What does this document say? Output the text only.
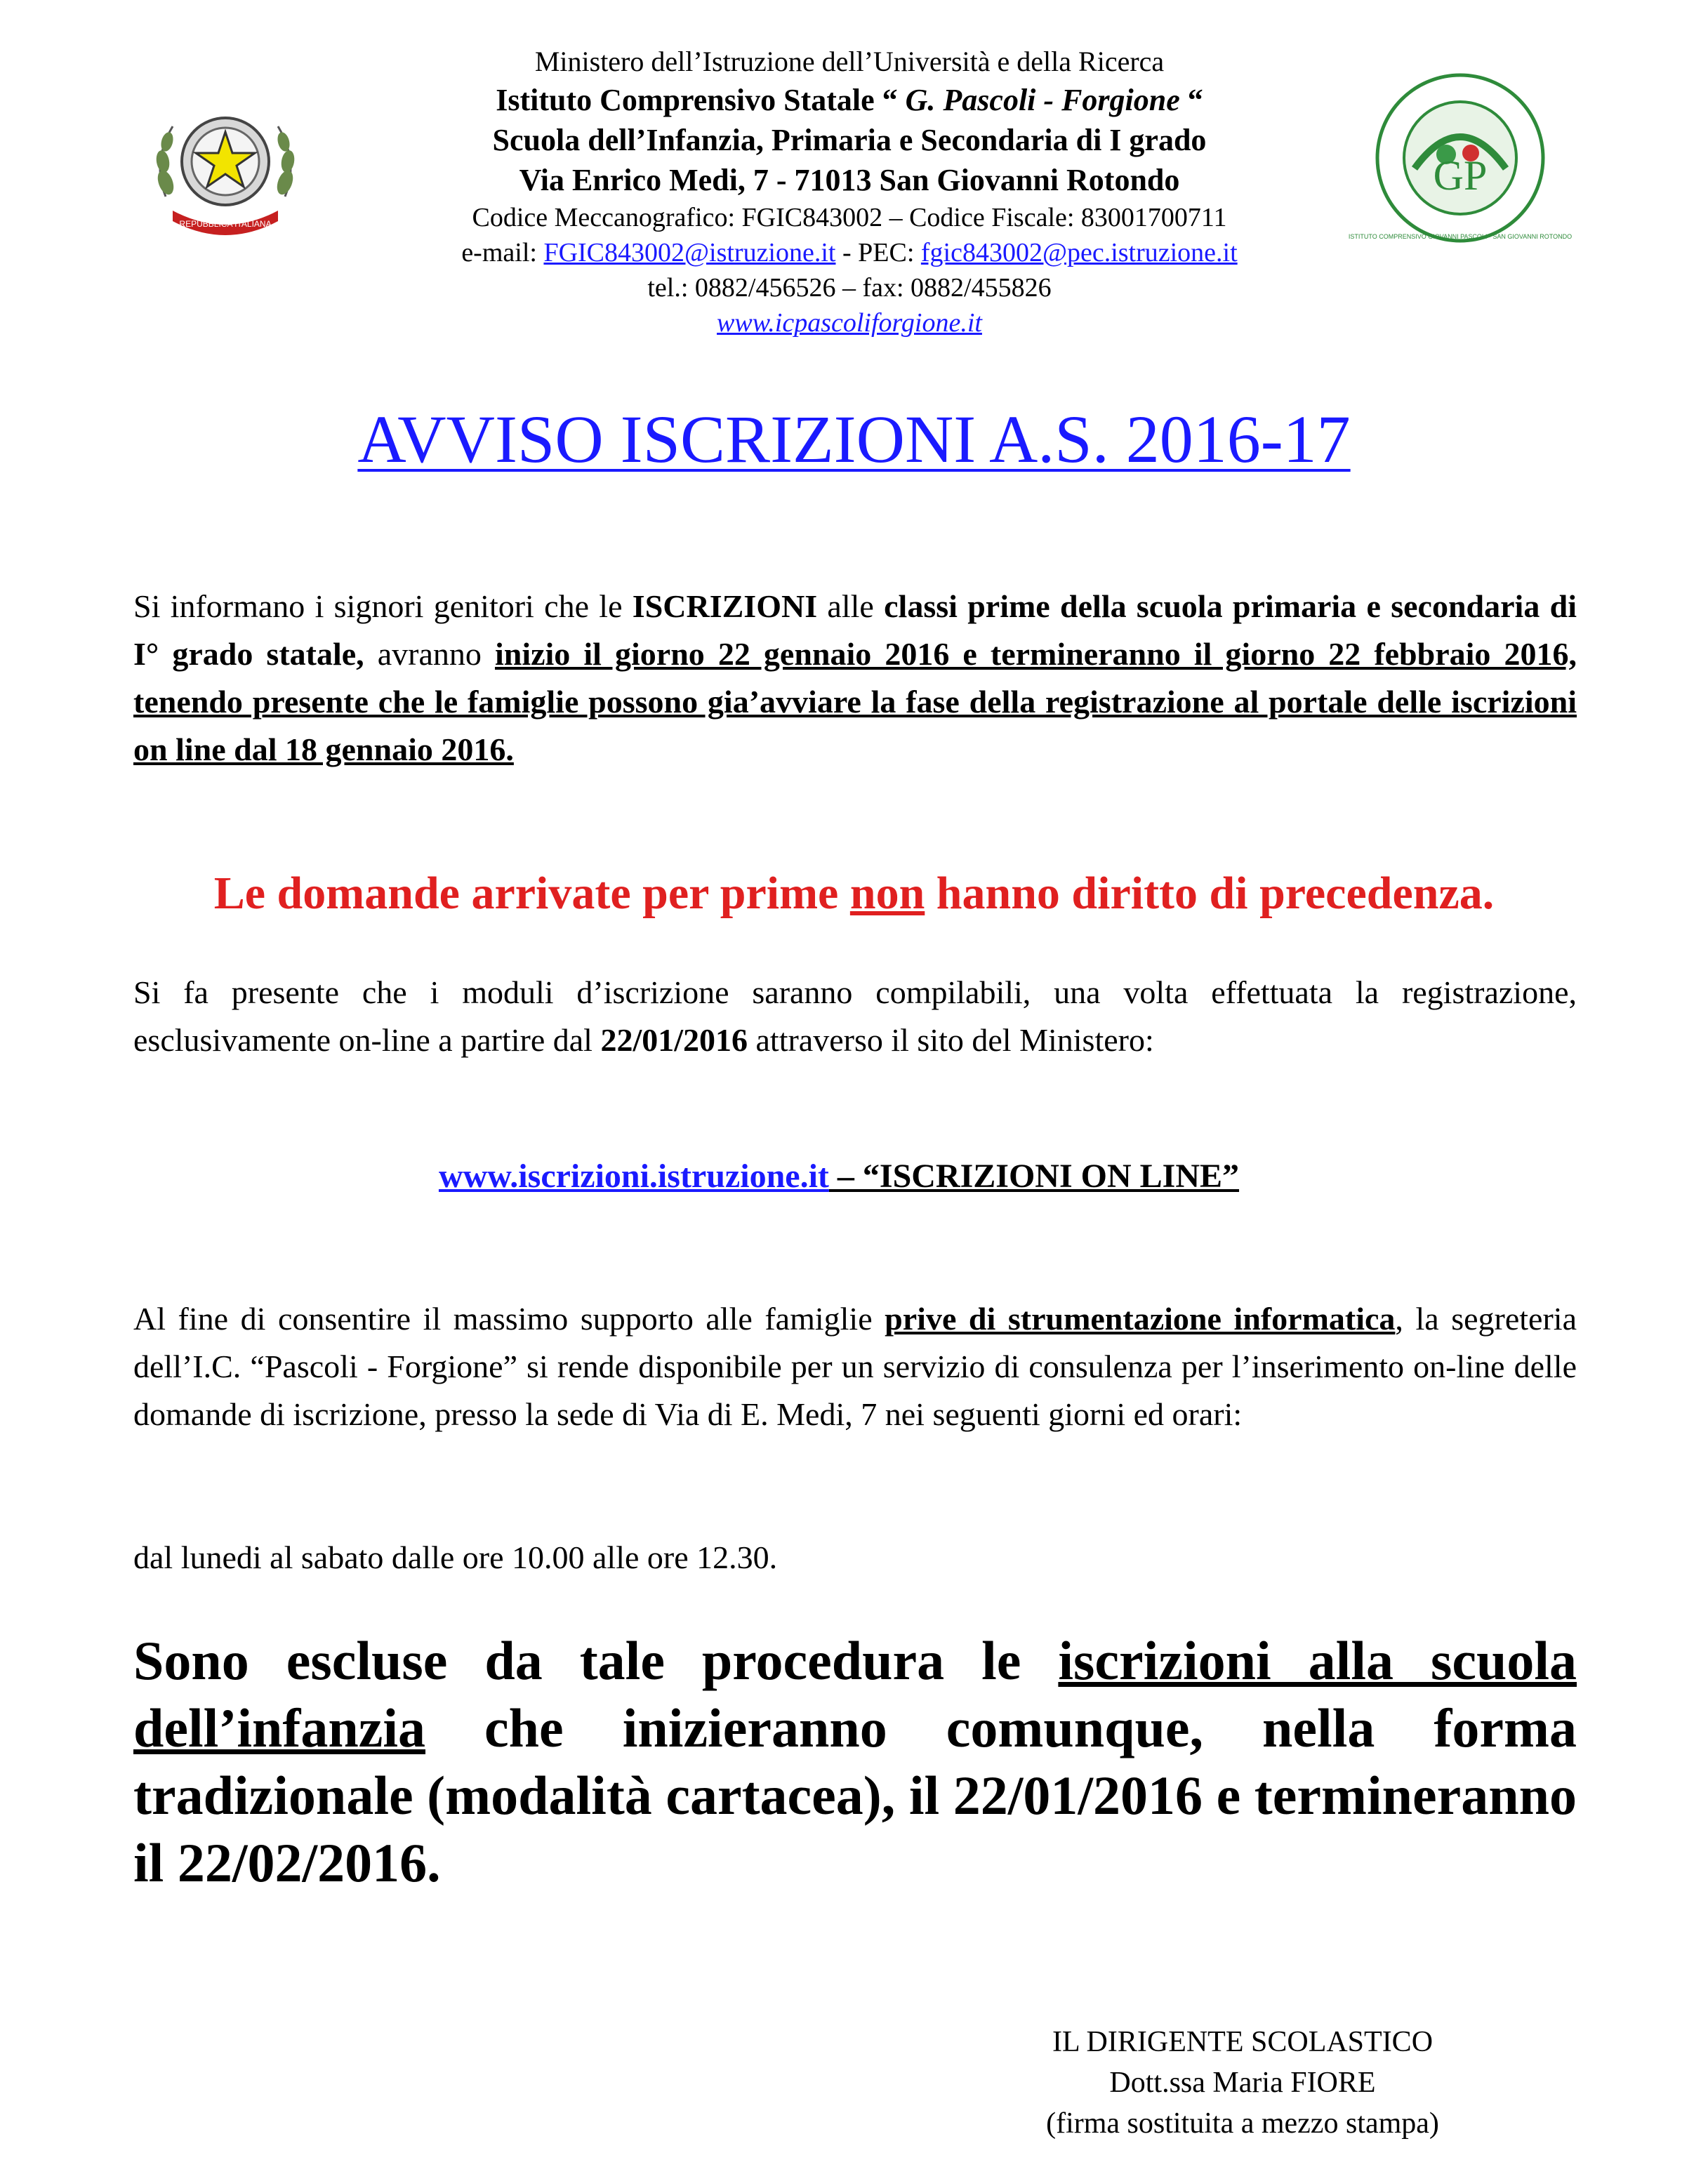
REPUBBLICA ITALIANA
GP
ISTITUTO COMPRENSIVO GIOVANNI PASCOLI · SAN GIOVANNI ROTONDO
Ministero dell’Istruzione dell’Università e della Ricerca
Istituto Comprensivo Statale “ G. Pascoli - Forgione “
Scuola dell’Infanzia, Primaria e Secondaria di I grado
Via Enrico Medi, 7 - 71013 San Giovanni Rotondo
Codice Meccanografico: FGIC843002 – Codice Fiscale: 83001700711
e-mail: FGIC843002@istruzione.it - PEC: fgic843002@pec.istruzione.it
tel.: 0882/456526 – fax: 0882/455826
www.icpascoliforgione.it
AVVISO ISCRIZIONI A.S. 2016-17
Si informano i signori genitori che le ISCRIZIONI alle classi prime della scuola primaria e secondaria di I° grado statale, avranno inizio il giorno 22 gennaio 2016 e termineranno il giorno 22 febbraio 2016, tenendo presente che le famiglie possono gia’avviare la fase della registrazione al portale delle iscrizioni on line dal 18 gennaio 2016.
Le domande arrivate per prime non hanno diritto di precedenza.
Si fa presente che i moduli d’iscrizione saranno compilabili, una volta effettuata la registrazione, esclusivamente on-line a partire dal 22/01/2016 attraverso il sito del Ministero:
www.iscrizioni.istruzione.it – “ISCRIZIONI ON LINE”
Al fine di consentire il massimo supporto alle famiglie prive di strumentazione informatica, la segreteria dell’I.C. “Pascoli - Forgione” si rende disponibile per un servizio di consulenza per l’inserimento on-line delle domande di iscrizione, presso la sede di Via di E. Medi, 7 nei seguenti giorni ed orari:
dal lunedi al sabato dalle ore 10.00 alle ore 12.30.
Sono escluse da tale procedura le iscrizioni alla scuola dell’infanzia che inizieranno comunque, nella forma tradizionale (modalità cartacea), il 22/01/2016 e termineranno il 22/02/2016.
IL DIRIGENTE SCOLASTICO
Dott.ssa Maria FIORE
(firma sostituita a mezzo stampa)
